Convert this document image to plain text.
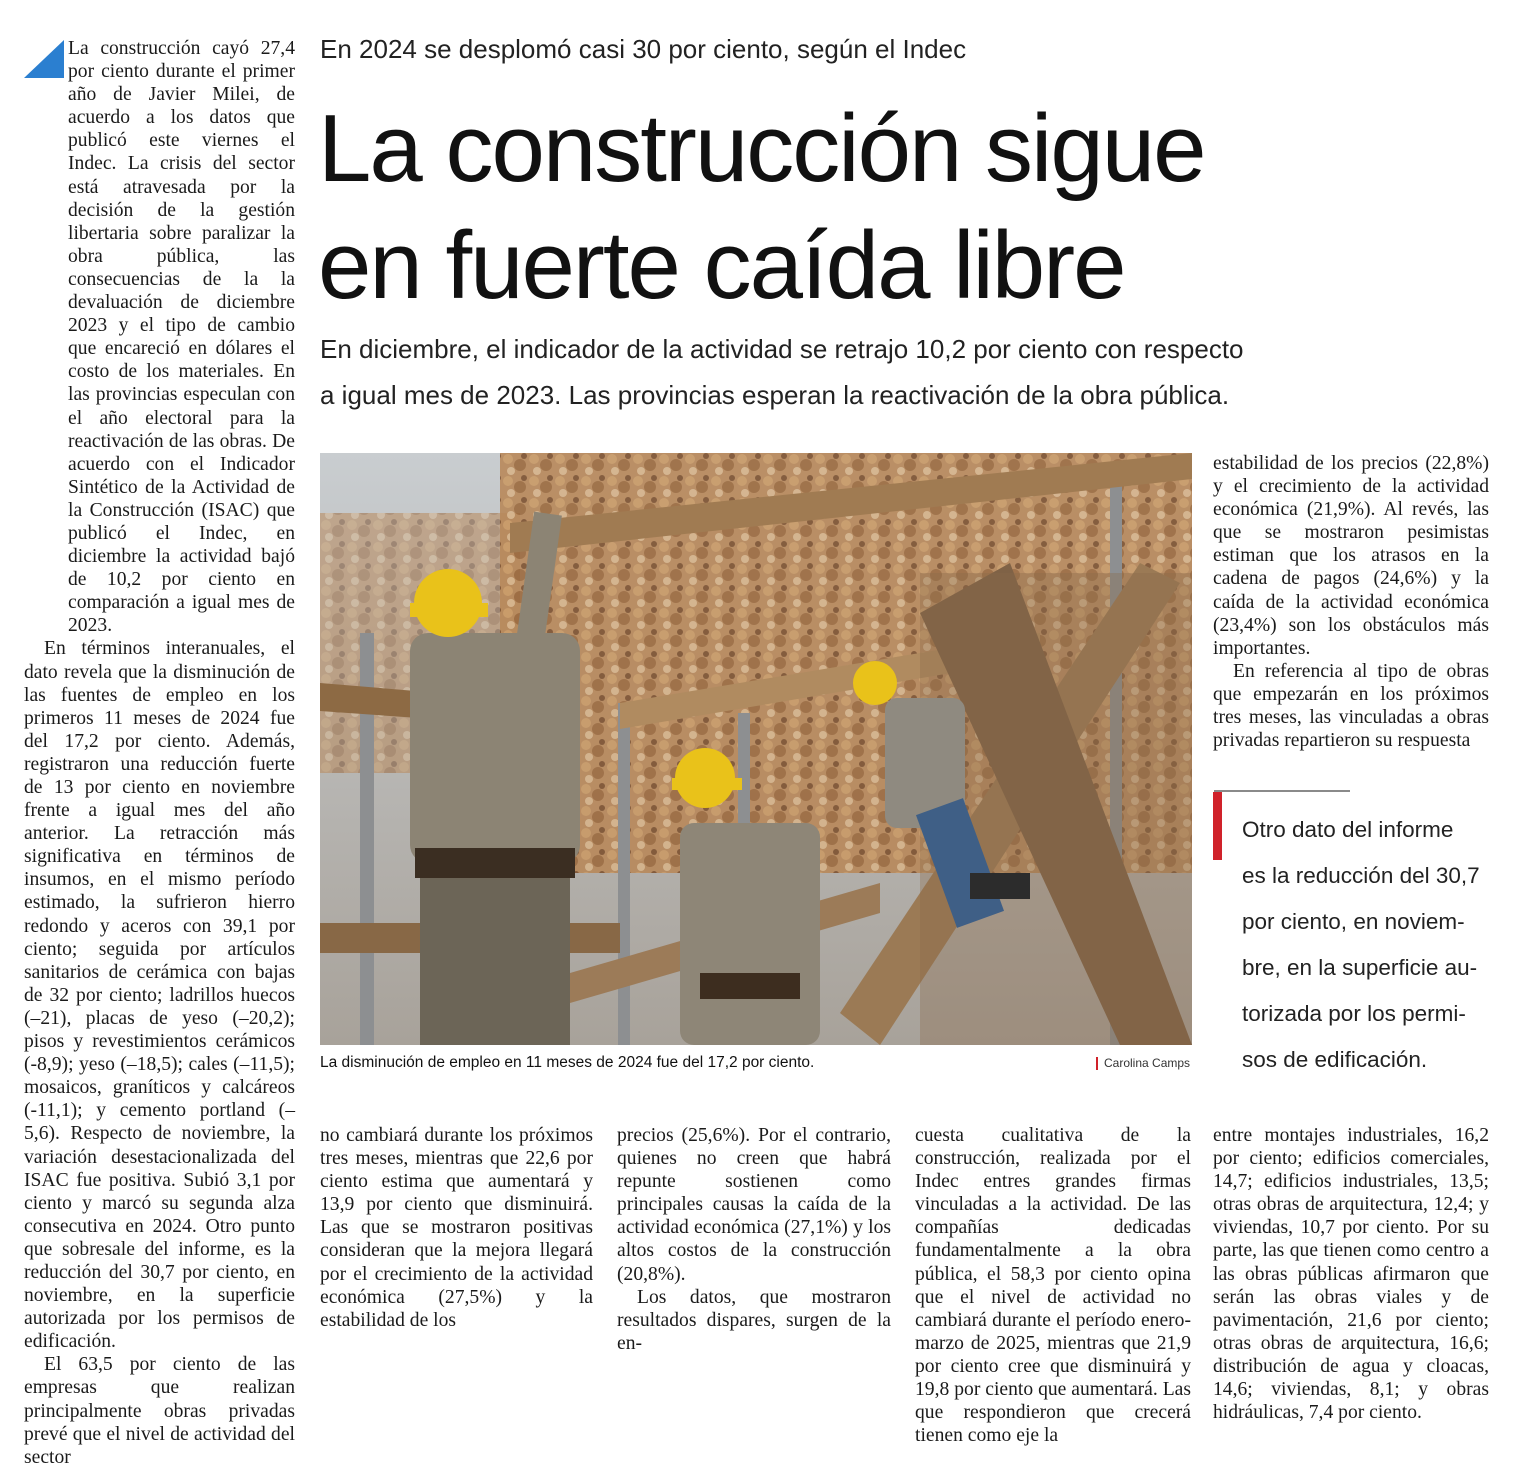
La construcción cayó 27,4 por ciento durante el primer año de Javier Milei, de acuerdo a los datos que publicó este viernes el Indec. La crisis del sector está atravesada por la decisión de la gestión libertaria sobre paralizar la obra pública, las consecuencias de la la devaluación de diciembre 2023 y el tipo de cambio que encareció en dólares el costo de los materiales. En las provincias especulan con el año electoral para la reactivación de las obras. De acuerdo con el Indicador Sintético de la Actividad de la Construcción (ISAC) que publicó el Indec, en diciembre la actividad bajó de 10,2 por ciento en comparación a igual mes de 2023.

En términos interanuales, el dato revela que la disminución de las fuentes de empleo en los primeros 11 meses de 2024 fue del 17,2 por ciento. Además, registraron una reducción fuerte de 13 por ciento en noviembre frente a igual mes del año anterior. La retracción más significativa en términos de insumos, en el mismo período estimado, la sufrieron hierro redondo y aceros con 39,1 por ciento; seguida por artículos sanitarios de cerámica con bajas de 32 por ciento; ladrillos huecos (–21), placas de yeso (–20,2); pisos y revestimientos cerámicos (-8,9); yeso (–18,5); cales (–11,5); mosaicos, graníticos y calcáreos (-11,1); y cemento portland (–5,6). Respecto de noviembre, la variación desestacionalizada del ISAC fue positiva. Subió 3,1 por ciento y marcó su segunda alza consecutiva en 2024. Otro punto que sobresale del informe, es la reducción del 30,7 por ciento, en noviembre, en la superficie autorizada por los permisos de edificación.

El 63,5 por ciento de las empresas que realizan principalmente obras privadas prevé que el nivel de actividad del sector

En 2024 se desplomó casi 30 por ciento, según el Indec
La construcción sigue
en fuerte caída libre

En diciembre, el indicador de la actividad se retrajo 10,2 por ciento con respecto
a igual mes de 2023. Las provincias esperan la reactivación de la obra pública.

La disminución de empleo en 11 meses de 2024 fue del 17,2 por ciento.	Carolina Camps

estabilidad de los precios (22,8%) y el crecimiento de la actividad económica (21,9%). Al revés, las que se mostraron pesimistas estiman que los atrasos en la cadena de pagos (24,6%) y la caída de la actividad económica (23,4%) son los obstáculos más importantes.

En referencia al tipo de obras que empezarán en los próximos tres meses, las vinculadas a obras privadas repartieron su respuesta

Otro dato del informe
es la reducción del 30,7
por ciento, en noviem-
bre, en la superficie au-
torizada por los permi-
sos de edificación.

no cambiará durante los próximos tres meses, mientras que 22,6 por ciento estima que aumentará y 13,9 por ciento que disminuirá. Las que se mostraron positivas consideran que la mejora llegará por el crecimiento de la actividad económica (27,5%) y la estabilidad de los

precios (25,6%). Por el contrario, quienes no creen que habrá repunte sostienen como principales causas la caída de la actividad económica (27,1%) y los altos costos de la construcción (20,8%).

Los datos, que mostraron resultados dispares, surgen de la en-

cuesta cualitativa de la construcción, realizada por el Indec entres grandes firmas vinculadas a la actividad. De las compañías dedicadas fundamentalmente a la obra pública, el 58,3 por ciento opina que el nivel de actividad no cambiará durante el período enero-marzo de 2025, mientras que 21,9 por ciento cree que disminuirá y 19,8 por ciento que aumentará. Las que respondieron que crecerá tienen como eje la

entre montajes industriales, 16,2 por ciento; edificios comerciales, 14,7; edificios industriales, 13,5; otras obras de arquitectura, 12,4; y viviendas, 10,7 por ciento. Por su parte, las que tienen como centro a las obras públicas afirmaron que serán las obras viales y de pavimentación, 21,6 por ciento; otras obras de arquitectura, 16,6; distribución de agua y cloacas, 14,6; viviendas, 8,1; y obras hidráulicas, 7,4 por ciento.
